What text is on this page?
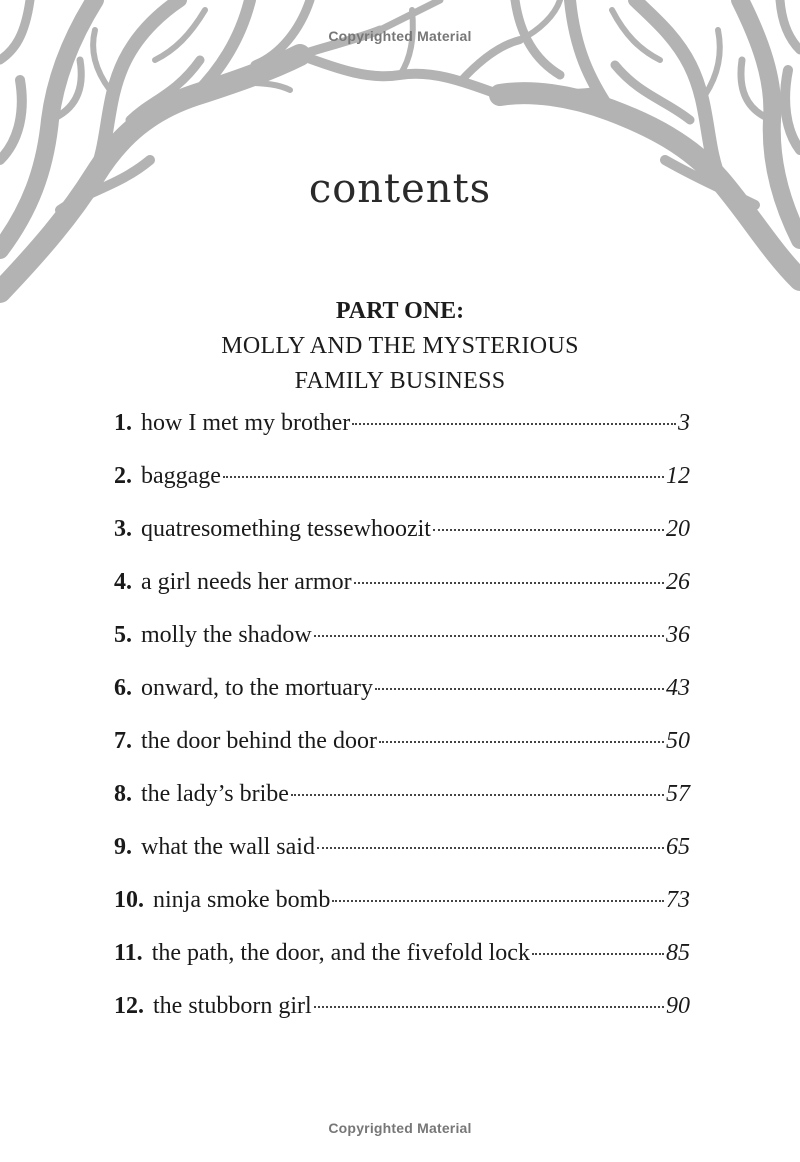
Copyrighted Material
contents
PART ONE:
MOLLY AND THE MYSTERIOUS
FAMILY BUSINESS
1. how I met my brother	3
2. baggage	12
3. quatresomething tessewhoozit	20
4. a girl needs her armor	26
5. molly the shadow	36
6. onward, to the mortuary	43
7. the door behind the door	50
8. the lady’s bribe	57
9. what the wall said	65
10. ninja smoke bomb	73
11. the path, the door, and the fivefold lock	85
12. the stubborn girl	90
Copyrighted Material
